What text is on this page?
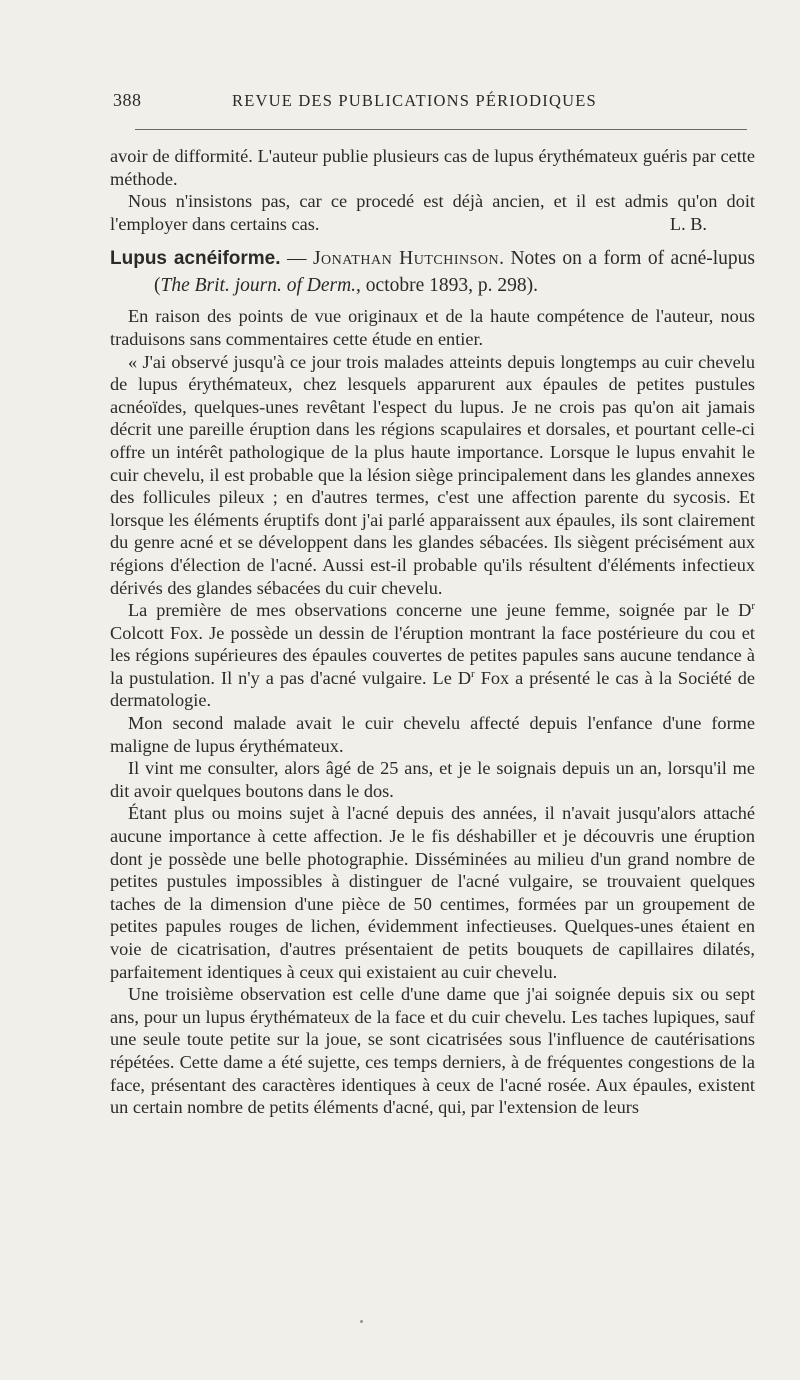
388	REVUE DES PUBLICATIONS PÉRIODIQUES

avoir de difformité. L'auteur publie plusieurs cas de lupus érythémateux guéris par cette méthode.

Nous n'insistons pas, car ce procedé est déjà ancien, et il est admis qu'on doit l'employer dans certains cas.	L. B.

Lupus acnéiforme. — Jonathan Hutchinson. Notes on a form of acné-lupus (The Brit. journ. of Derm., octobre 1893, p. 298).

En raison des points de vue originaux et de la haute compétence de l'auteur, nous traduisons sans commentaires cette étude en entier.

« J'ai observé jusqu'à ce jour trois malades atteints depuis longtemps au cuir chevelu de lupus érythémateux, chez lesquels apparurent aux épaules de petites pustules acnéoïdes, quelques-unes revêtant l'espect du lupus. Je ne crois pas qu'on ait jamais décrit une pareille éruption dans les régions scapulaires et dorsales, et pourtant celle-ci offre un intérêt pathologique de la plus haute importance. Lorsque le lupus envahit le cuir chevelu, il est probable que la lésion siège principalement dans les glandes annexes des follicules pileux ; en d'autres termes, c'est une affection parente du sycosis. Et lorsque les éléments éruptifs dont j'ai parlé apparaissent aux épaules, ils sont clairement du genre acné et se développent dans les glandes sébacées. Ils siègent précisément aux régions d'élection de l'acné. Aussi est-il probable qu'ils résultent d'éléments infectieux dérivés des glandes sébacées du cuir chevelu.

La première de mes observations concerne une jeune femme, soignée par le $D^r$ Colcott Fox. Je possède un dessin de l'éruption montrant la face postérieure du cou et les régions supérieures des épaules couvertes de petites papules sans aucune tendance à la pustulation. Il n'y a pas d'acné vulgaire. Le $D^r$ Fox a présenté le cas à la Société de dermatologie.

Mon second malade avait le cuir chevelu affecté depuis l'enfance d'une forme maligne de lupus érythémateux.

Il vint me consulter, alors âgé de 25 ans, et je le soignais depuis un an, lorsqu'il me dit avoir quelques boutons dans le dos.

Étant plus ou moins sujet à l'acné depuis des années, il n'avait jusqu'alors attaché aucune importance à cette affection. Je le fis déshabiller et je découvris une éruption dont je possède une belle photographie. Disséminées au milieu d'un grand nombre de petites pustules impossibles à distinguer de l'acné vulgaire, se trouvaient quelques taches de la dimension d'une pièce de 50 centimes, formées par un groupement de petites papules rouges de lichen, évidemment infectieuses. Quelques-unes étaient en voie de cicatrisation, d'autres présentaient de petits bouquets de capillaires dilatés, parfaitement identiques à ceux qui existaient au cuir chevelu.

Une troisième observation est celle d'une dame que j'ai soignée depuis six ou sept ans, pour un lupus érythémateux de la face et du cuir chevelu. Les taches lupiques, sauf une seule toute petite sur la joue, se sont cicatrisées sous l'influence de cautérisations répétées. Cette dame a été sujette, ces temps derniers, à de fréquentes congestions de la face, présentant des caractères identiques à ceux de l'acné rosée. Aux épaules, existent un certain nombre de petits éléments d'acné, qui, par l'extension de leurs
